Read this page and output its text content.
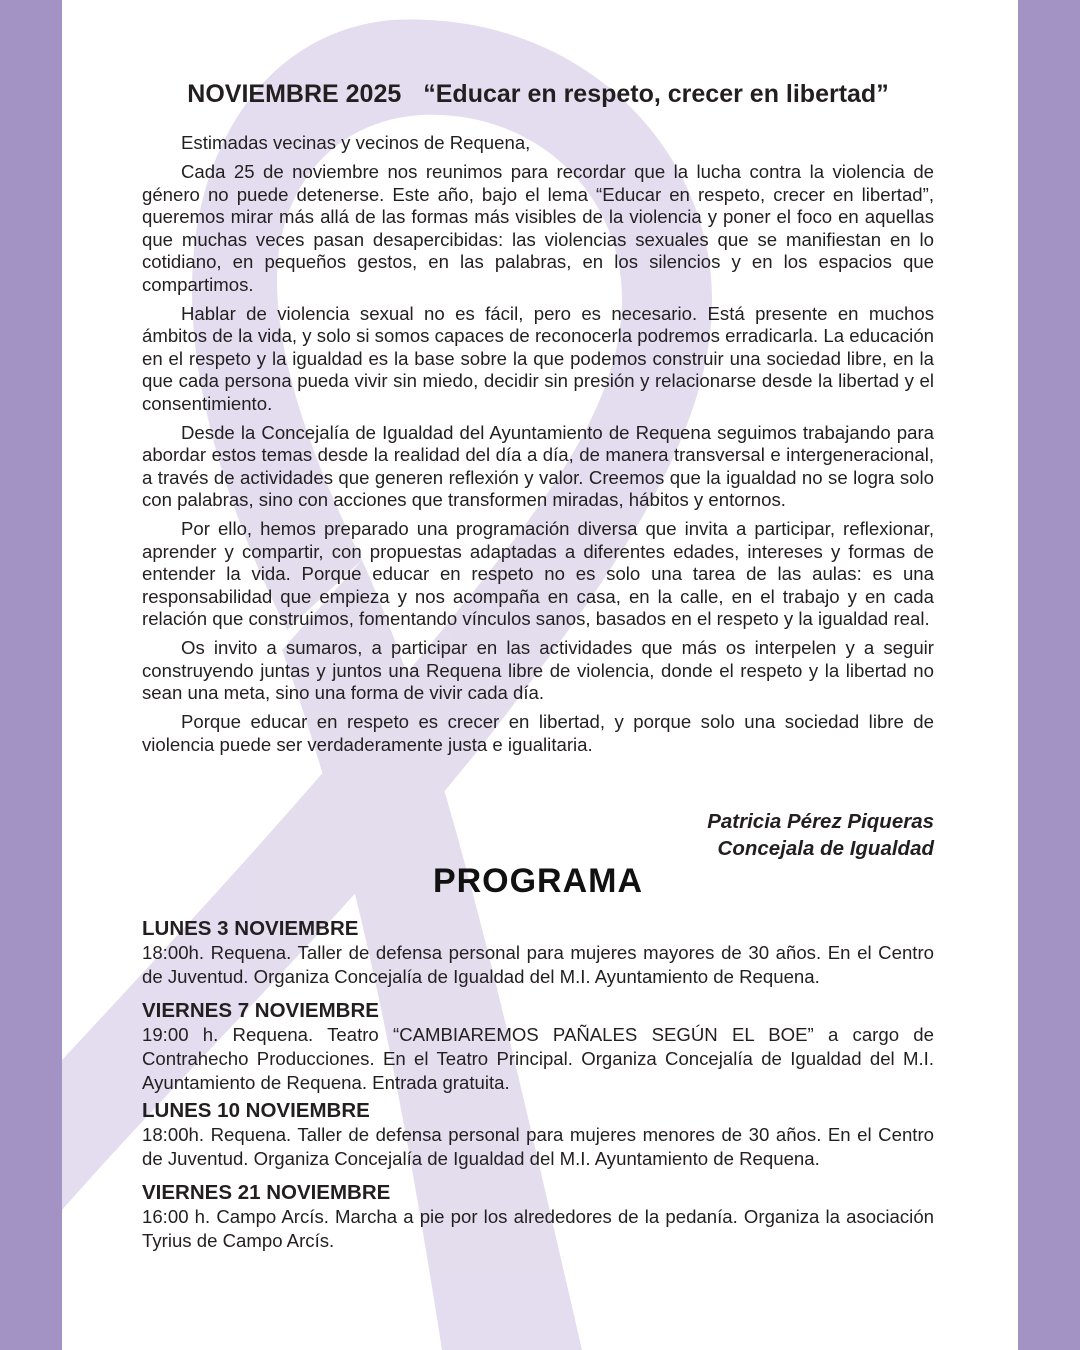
NOVIEMBRE 2025 “Educar en respeto, crecer en libertad”

Estimadas vecinas y vecinos de Requena,

Cada 25 de noviembre nos reunimos para recordar que la lucha contra la violencia de género no puede detenerse. Este año, bajo el lema “Educar en respeto, crecer en libertad”, queremos mirar más allá de las formas más visibles de la violencia y poner el foco en aquellas que muchas veces pasan desapercibidas: las violencias sexuales que se manifiestan en lo cotidiano, en pequeños gestos, en las palabras, en los silencios y en los espacios que compartimos.

Hablar de violencia sexual no es fácil, pero es necesario. Está presente en muchos ámbitos de la vida, y solo si somos capaces de reconocerla podremos erradicarla. La educación en el respeto y la igualdad es la base sobre la que podemos construir una sociedad libre, en la que cada persona pueda vivir sin miedo, decidir sin presión y relacionarse desde la libertad y el consentimiento.

Desde la Concejalía de Igualdad del Ayuntamiento de Requena seguimos trabajando para abordar estos temas desde la realidad del día a día, de manera transversal e intergeneracional, a través de actividades que generen reflexión y valor. Creemos que la igualdad no se logra solo con palabras, sino con acciones que transformen miradas, hábitos y entornos.

Por ello, hemos preparado una programación diversa que invita a participar, reflexionar, aprender y compartir, con propuestas adaptadas a diferentes edades, intereses y formas de entender la vida. Porque educar en respeto no es solo una tarea de las aulas: es una responsabilidad que empieza y nos acompaña en casa, en la calle, en el trabajo y en cada relación que construimos, fomentando vínculos sanos, basados en el respeto y la igualdad real.

Os invito a sumaros, a participar en las actividades que más os interpelen y a seguir construyendo juntas y juntos una Requena libre de violencia, donde el respeto y la libertad no sean una meta, sino una forma de vivir cada día.

Porque educar en respeto es crecer en libertad, y porque solo una sociedad libre de violencia puede ser verdaderamente justa e igualitaria.

Patricia Pérez Piqueras
Concejala de Igualdad
PROGRAMA
LUNES 3 NOVIEMBRE
18:00h. Requena. Taller de defensa personal para mujeres mayores de 30 años. En el Centro de Juventud. Organiza Concejalía de Igualdad del M.I. Ayuntamiento de Requena.
VIERNES 7 NOVIEMBRE
19:00 h. Requena. Teatro “CAMBIAREMOS PAÑALES SEGÚN EL BOE” a cargo de Contrahecho Producciones. En el Teatro Principal. Organiza Concejalía de Igualdad del M.I. Ayuntamiento de Requena. Entrada gratuita.
LUNES 10 NOVIEMBRE
18:00h. Requena. Taller de defensa personal para mujeres menores de 30 años. En el Centro de Juventud. Organiza Concejalía de Igualdad del M.I. Ayuntamiento de Requena.
VIERNES 21 NOVIEMBRE
16:00 h. Campo Arcís. Marcha a pie por los alrededores de la pedanía. Organiza la asociación Tyrius de Campo Arcís.
